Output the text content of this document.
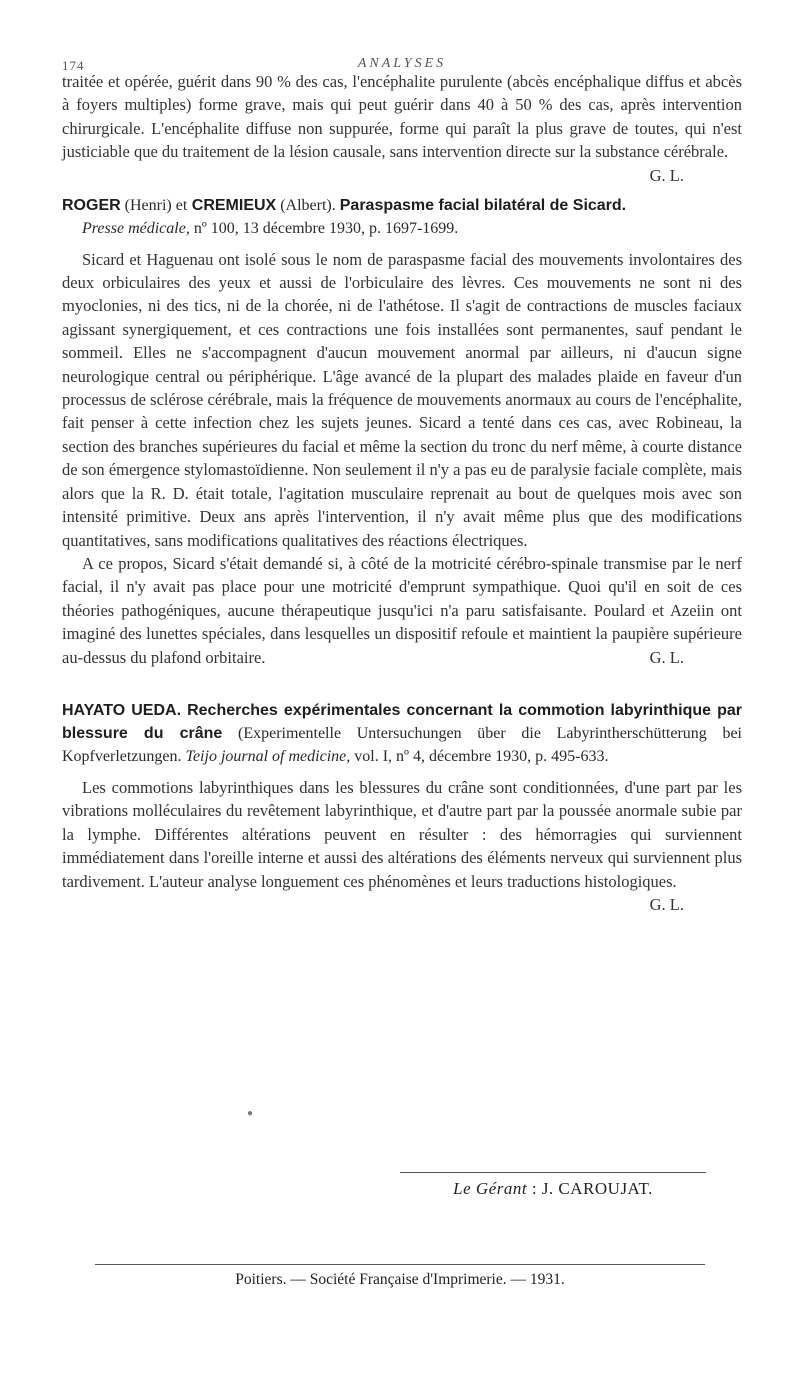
174	ANALYSES

traitée et opérée, guérit dans 90 % des cas, l'encéphalite purulente (abcès encéphalique diffus et abcès à foyers multiples) forme grave, mais qui peut guérir dans 40 à 50 % des cas, après intervention chirurgicale. L'encéphalite diffuse non suppurée, forme qui paraît la plus grave de toutes, qui n'est justiciable que du traitement de la lésion causale, sans intervention directe sur la substance cérébrale.
G. L.

ROGER (Henri) et CREMIEUX (Albert). Paraspasme facial bilatéral de Sicard.
Presse médicale, nº 100, 13 décembre 1930, p. 1697-1699.

Sicard et Haguenau ont isolé sous le nom de paraspasme facial des mouvements involontaires des deux orbiculaires des yeux et aussi de l'orbiculaire des lèvres. Ces mouvements ne sont ni des myoclonies, ni des tics, ni de la chorée, ni de l'athétose. Il s'agit de contractions de muscles faciaux agissant synergiquement, et ces contractions une fois installées sont permanentes, sauf pendant le sommeil. Elles ne s'accompagnent d'aucun mouvement anormal par ailleurs, ni d'aucun signe neurologique central ou périphérique. L'âge avancé de la plupart des malades plaide en faveur d'un processus de sclérose cérébrale, mais la fréquence de mouvements anormaux au cours de l'encéphalite, fait penser à cette infection chez les sujets jeunes. Sicard a tenté dans ces cas, avec Robineau, la section des branches supérieures du facial et même la section du tronc du nerf même, à courte distance de son émergence stylomastoïdienne. Non seulement il n'y a pas eu de paralysie faciale complète, mais alors que la R. D. était totale, l'agitation musculaire reprenait au bout de quelques mois avec son intensité primitive. Deux ans après l'intervention, il n'y avait même plus que des modifications quantitatives, sans modifications qualitatives des réactions électriques.

A ce propos, Sicard s'était demandé si, à côté de la motricité cérébro-spinale transmise par le nerf facial, il n'y avait pas place pour une motricité d'emprunt sympathique. Quoi qu'il en soit de ces théories pathogéniques, aucune thérapeutique jusqu'ici n'a paru satisfaisante. Poulard et Azeiin ont imaginé des lunettes spéciales, dans lesquelles un dispositif refoule et maintient la paupière supérieure au-dessus du plafond orbitaire.	G. L.

HAYATO UEDA. Recherches expérimentales concernant la commotion labyrinthique par blessure du crâne (Experimentelle Untersuchungen über die Labyrintherschütterung bei Kopfverletzungen. Teijo journal of medicine, vol. I, nº 4, décembre 1930, p. 495-633.

Les commotions labyrinthiques dans les blessures du crâne sont conditionnées, d'une part par les vibrations molléculaires du revêtement labyrinthique, et d'autre part par la poussée anormale subie par la lymphe. Différentes altérations peuvent en résulter : des hémorragies qui surviennent immédiatement dans l'oreille interne et aussi des altérations des éléments nerveux qui surviennent plus tardivement. L'auteur analyse longuement ces phénomènes et leurs traductions histologiques.
G. L.

●
Le Gérant : J. CAROUJAT.
Poitiers. — Société Française d'Imprimerie. — 1931.
